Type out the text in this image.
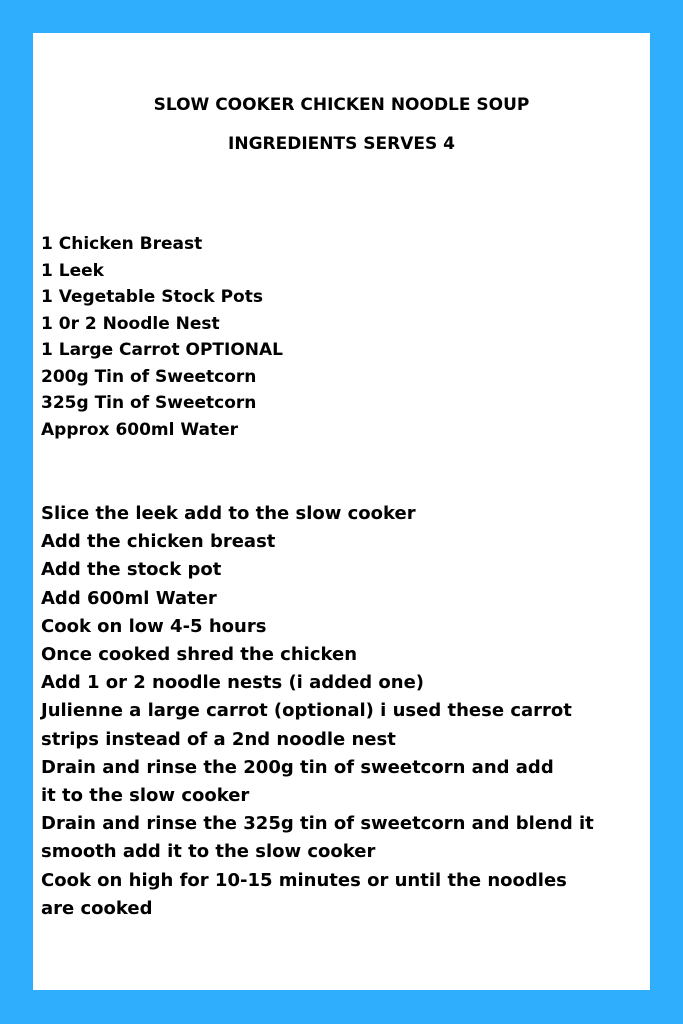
SLOW COOKER CHICKEN NOODLE SOUP
INGREDIENTS SERVES 4
1 Chicken Breast
1 Leek
1 Vegetable Stock Pots
1 0r 2 Noodle Nest
1 Large Carrot OPTIONAL
200g Tin of Sweetcorn
325g Tin of Sweetcorn
Approx 600ml Water
Slice the leek add to the slow cooker
Add the chicken breast
Add the stock pot
Add 600ml Water
Cook on low 4-5 hours
Once cooked shred the chicken
Add 1 or 2 noodle nests (i added one)
Julienne a large carrot (optional) i used these carrot
strips instead of a 2nd noodle nest
Drain and rinse the 200g tin of sweetcorn and add
it to the slow cooker
Drain and rinse the 325g tin of sweetcorn and blend it
smooth add it to the slow cooker
Cook on high for 10-15 minutes or until the noodles
are cooked
